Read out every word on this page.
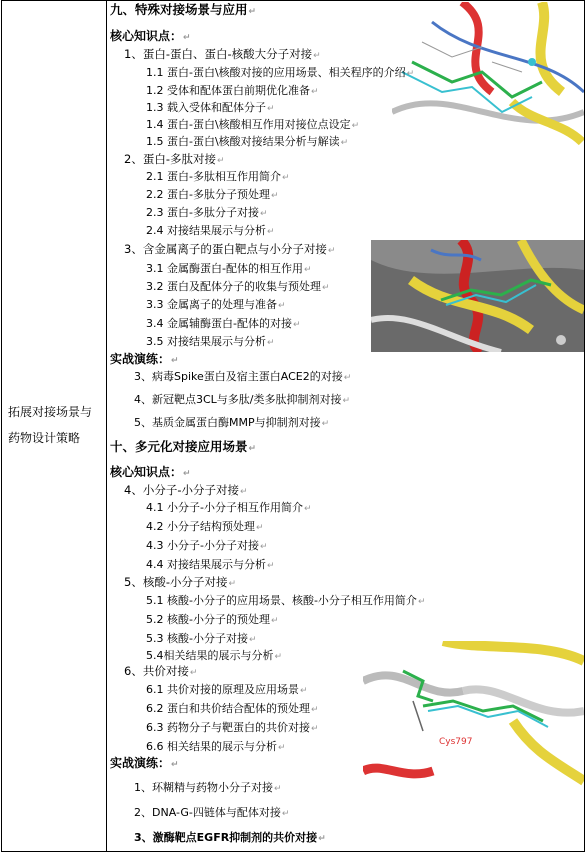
拓展对接场景与药物设计策略
Cys797
九、特殊对接场景与应用↵
核心知识点：↵
1、蛋白-蛋白、蛋白-核酸大分子对接↵
1.1 蛋白-蛋白\核酸对接的应用场景、相关程序的介绍↵
1.2 受体和配体蛋白前期优化准备↵
1.3 载入受体和配体分子↵
1.4 蛋白-蛋白\核酸相互作用对接位点设定↵
1.5 蛋白-蛋白\核酸对接结果分析与解读↵
2、蛋白-多肽对接↵
2.1 蛋白-多肽相互作用简介↵
2.2 蛋白-多肽分子预处理↵
2.3 蛋白-多肽分子对接↵
2.4 对接结果展示与分析↵
3、含金属离子的蛋白靶点与小分子对接↵
3.1 金属酶蛋白-配体的相互作用↵
3.2 蛋白及配体分子的收集与预处理↵
3.3 金属离子的处理与准备↵
3.4 金属辅酶蛋白-配体的对接↵
3.5 对接结果展示与分析↵
实战演练：↵
3、病毒Spike蛋白及宿主蛋白ACE2的对接↵
4、新冠靶点3CL与多肽/类多肽抑制剂对接↵
5、基质金属蛋白酶MMP与抑制剂对接↵
十、多元化对接应用场景↵
核心知识点：↵
4、小分子-小分子对接↵
4.1 小分子-小分子相互作用简介↵
4.2 小分子结构预处理↵
4.3 小分子-小分子对接↵
4.4 对接结果展示与分析↵
5、核酸-小分子对接↵
5.1 核酸-小分子的应用场景、核酸-小分子相互作用简介↵
5.2 核酸-小分子的预处理↵
5.3 核酸-小分子对接↵
5.4相关结果的展示与分析↵
6、共价对接↵
6.1 共价对接的原理及应用场景↵
6.2 蛋白和共价结合配体的预处理↵
6.3 药物分子与靶蛋白的共价对接↵
6.6 相关结果的展示与分析↵
实战演练：↵
1、环糊精与药物小分子对接↵
2、DNA-G-四链体与配体对接↵
3、激酶靶点EGFR抑制剂的共价对接↵
